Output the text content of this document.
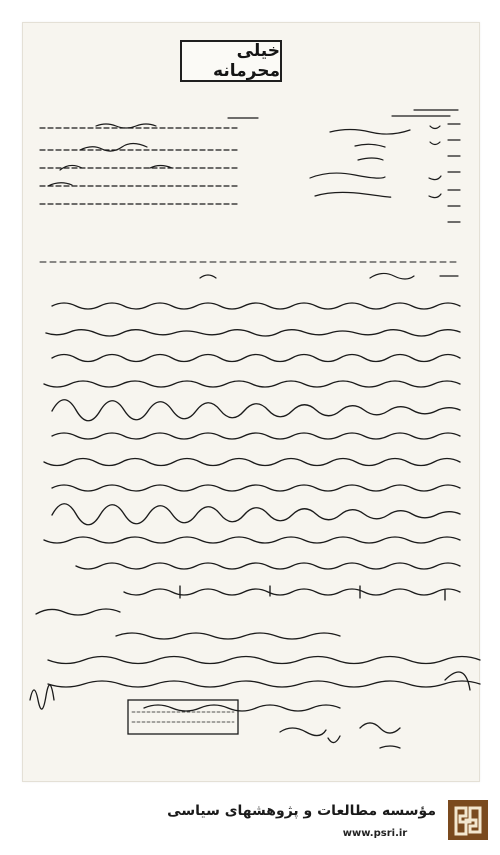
خیلی محرمانه
مؤسسه مطالعات و پژوهشهای سیاسی
www.psri.ir
